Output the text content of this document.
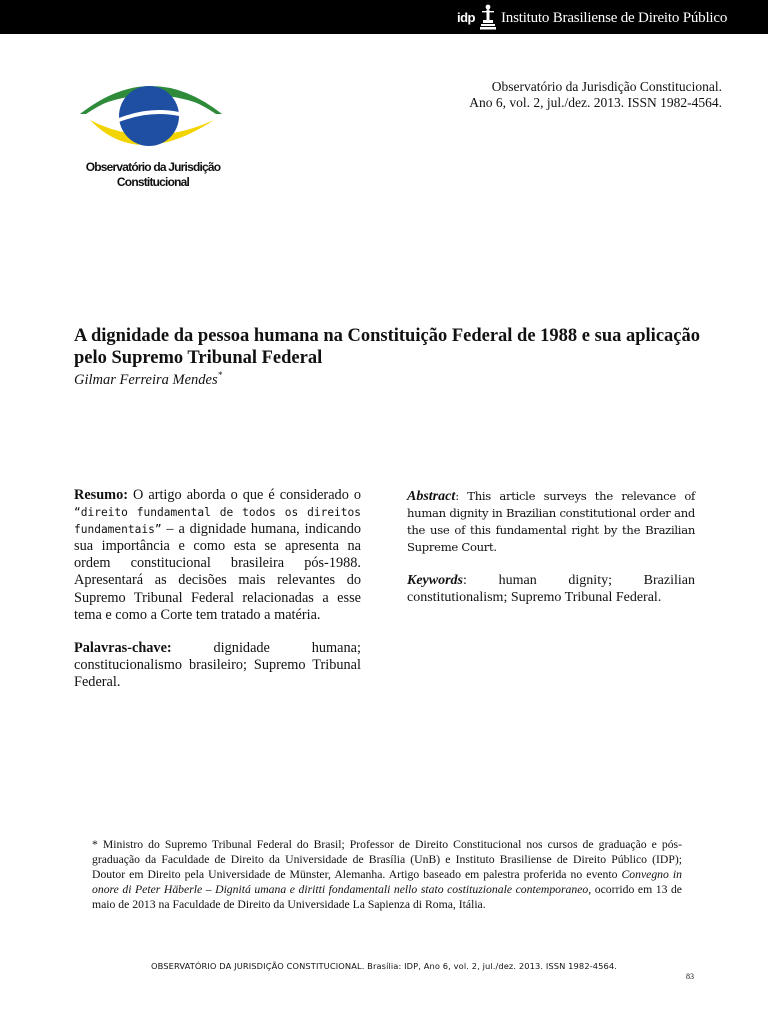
idp Instituto Brasiliense de Direito Público
Observatório da Jurisdição
Constitucional
Observatório da Jurisdição Constitucional.
Ano 6, vol. 2, jul./dez. 2013. ISSN 1982-4564.
A dignidade da pessoa humana na Constituição Federal de 1988 e sua aplicação pelo Supremo Tribunal Federal
Gilmar Ferreira Mendes*

Resumo: O artigo aborda o que é considerado o “direito fundamental de todos os direitos fundamentais” – a dignidade humana, indicando sua importância e como esta se apresenta na ordem constitucional brasileira pós-1988. Apresentará as decisões mais relevantes do Supremo Tribunal Federal relacionadas a esse tema e como a Corte tem tratado a matéria.

Palavras-chave: dignidade humana; constitucionalismo brasileiro; Supremo Tribunal Federal.

Abstract: This article surveys the relevance of human dignity in Brazilian constitutional order and the use of this fundamental right by the Brazilian Supreme Court.

Keywords: human dignity; Brazilian constitutionalism; Supremo Tribunal Federal.

* Ministro do Supremo Tribunal Federal do Brasil; Professor de Direito Constitucional nos cursos de graduação e pós-graduação da Faculdade de Direito da Universidade de Brasília (UnB) e Instituto Brasiliense de Direito Público (IDP); Doutor em Direito pela Universidade de Münster, Alemanha. Artigo baseado em palestra proferida no evento Convegno in onore di Peter Häberle – Dignitá umana e diritti fondamentali nello stato costituzionale contemporaneo, ocorrido em 13 de maio de 2013 na Faculdade de Direito da Universidade La Sapienza di Roma, Itália.
OBSERVATÓRIO DA JURISDIÇÃO CONSTITUCIONAL. Brasília: IDP, Ano 6, vol. 2, jul./dez. 2013. ISSN 1982-4564.
83
